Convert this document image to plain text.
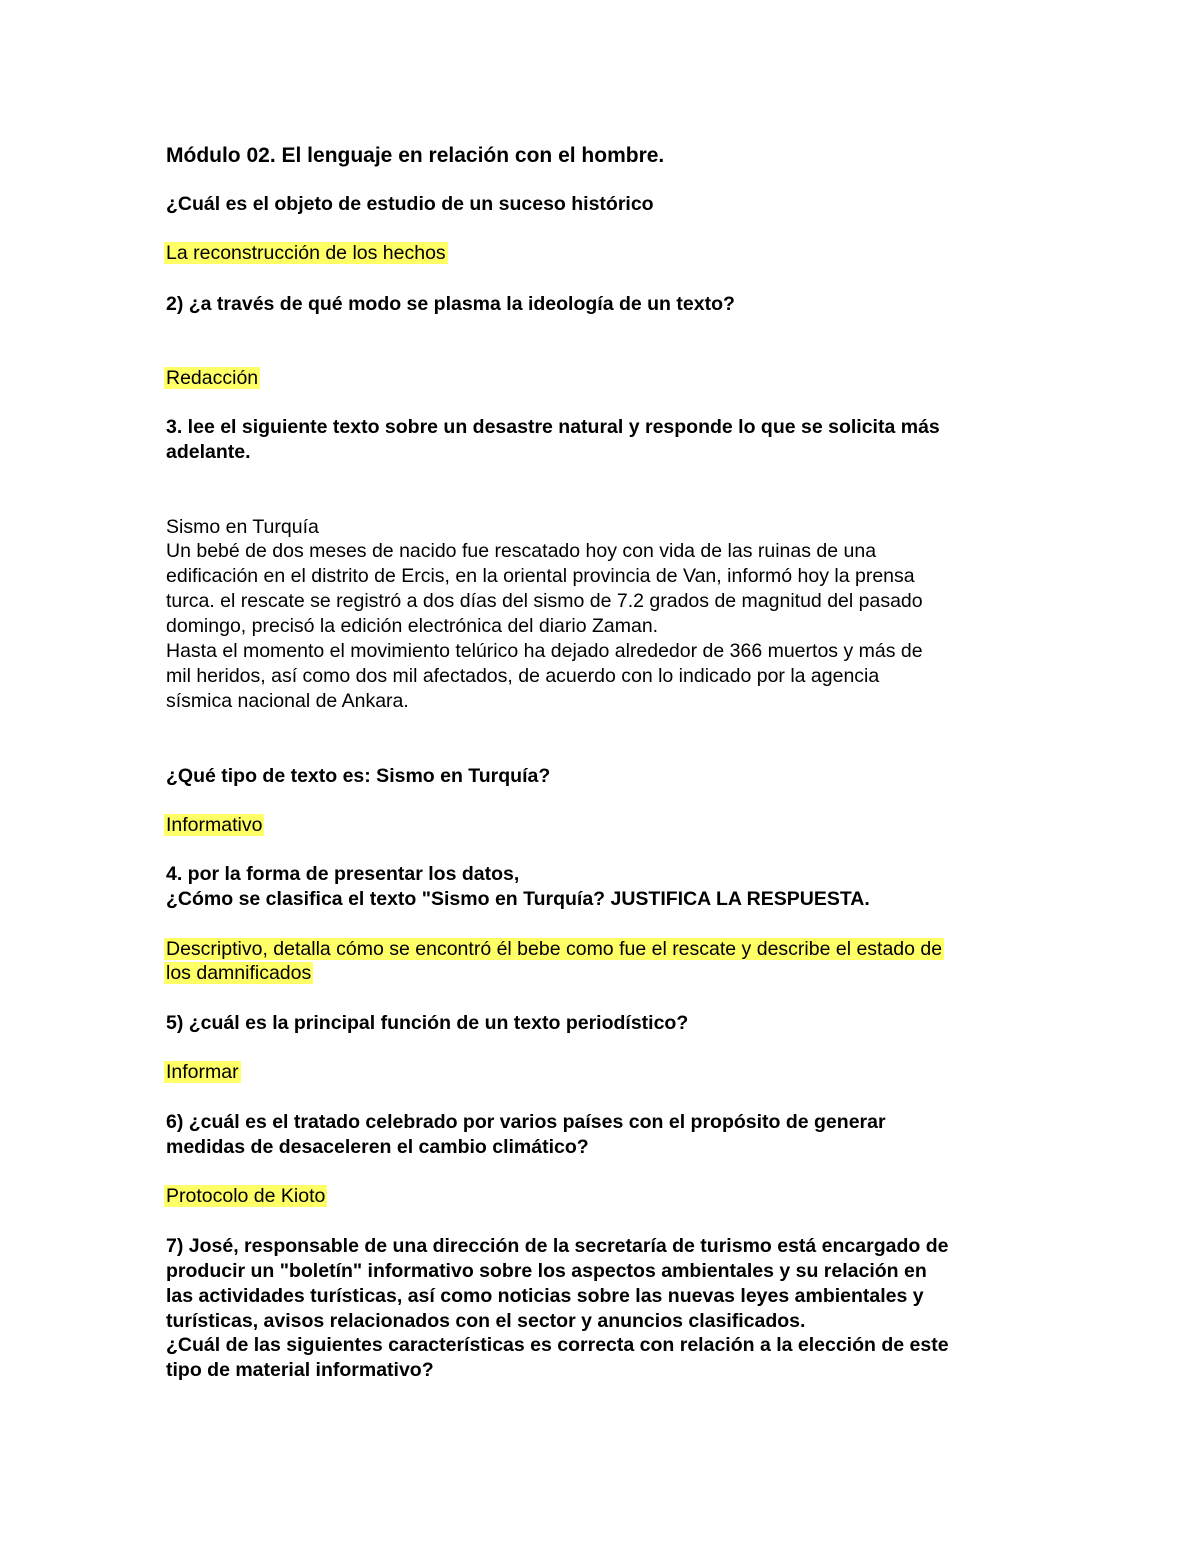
Módulo 02. El lenguaje en relación con el hombre.
¿Cuál es el objeto de estudio de un suceso histórico
La reconstrucción de los hechos
2) ¿a través de qué modo se plasma la ideología de un texto?
Redacción
3. lee el siguiente texto sobre un desastre natural y responde lo que se solicita más
adelante.
Sismo en Turquía
Un bebé de dos meses de nacido fue rescatado hoy con vida de las ruinas de una
edificación en el distrito de Ercis, en la oriental provincia de Van, informó hoy la prensa
turca. el rescate se registró a dos días del sismo de 7.2 grados de magnitud del pasado
domingo, precisó la edición electrónica del diario Zaman.
Hasta el momento el movimiento telúrico ha dejado alrededor de 366 muertos y más de
mil heridos, así como dos mil afectados, de acuerdo con lo indicado por la agencia
sísmica nacional de Ankara.
¿Qué tipo de texto es: Sismo en Turquía?
Informativo
4. por la forma de presentar los datos,
¿Cómo se clasifica el texto "Sismo en Turquía? JUSTIFICA LA RESPUESTA.
Descriptivo, detalla cómo se encontró él bebe como fue el rescate y describe el estado de
los damnificados
5) ¿cuál es la principal función de un texto periodístico?
Informar
6) ¿cuál es el tratado celebrado por varios países con el propósito de generar
medidas de desaceleren el cambio climático?
Protocolo de Kioto
7) José, responsable de una dirección de la secretaría de turismo está encargado de
producir un "boletín" informativo sobre los aspectos ambientales y su relación en
las actividades turísticas, así como noticias sobre las nuevas leyes ambientales y
turísticas, avisos relacionados con el sector y anuncios clasificados.
¿Cuál de las siguientes características es correcta con relación a la elección de este
tipo de material informativo?
